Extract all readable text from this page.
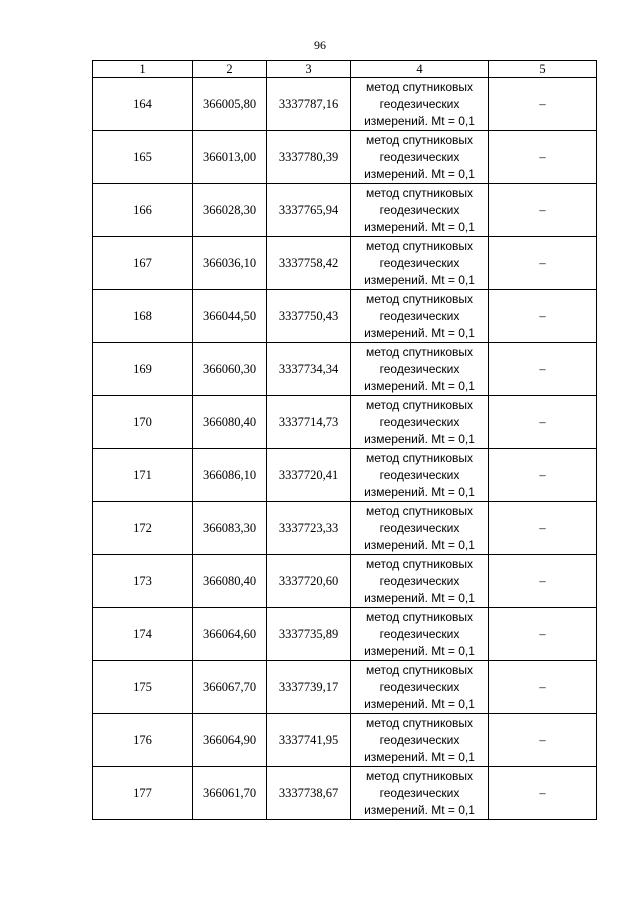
96
1	2	3	4	5
164	366005,80	3337787,16	метод спутниковых
геодезических
измерений. Mt = 0,1	–
165	366013,00	3337780,39	метод спутниковых
геодезических
измерений. Mt = 0,1	–
166	366028,30	3337765,94	метод спутниковых
геодезических
измерений. Mt = 0,1	–
167	366036,10	3337758,42	метод спутниковых
геодезических
измерений. Mt = 0,1	–
168	366044,50	3337750,43	метод спутниковых
геодезических
измерений. Mt = 0,1	–
169	366060,30	3337734,34	метод спутниковых
геодезических
измерений. Mt = 0,1	–
170	366080,40	3337714,73	метод спутниковых
геодезических
измерений. Mt = 0,1	–
171	366086,10	3337720,41	метод спутниковых
геодезических
измерений. Mt = 0,1	–
172	366083,30	3337723,33	метод спутниковых
геодезических
измерений. Mt = 0,1	–
173	366080,40	3337720,60	метод спутниковых
геодезических
измерений. Mt = 0,1	–
174	366064,60	3337735,89	метод спутниковых
геодезических
измерений. Mt = 0,1	–
175	366067,70	3337739,17	метод спутниковых
геодезических
измерений. Mt = 0,1	–
176	366064,90	3337741,95	метод спутниковых
геодезических
измерений. Mt = 0,1	–
177	366061,70	3337738,67	метод спутниковых
геодезических
измерений. Mt = 0,1	–
